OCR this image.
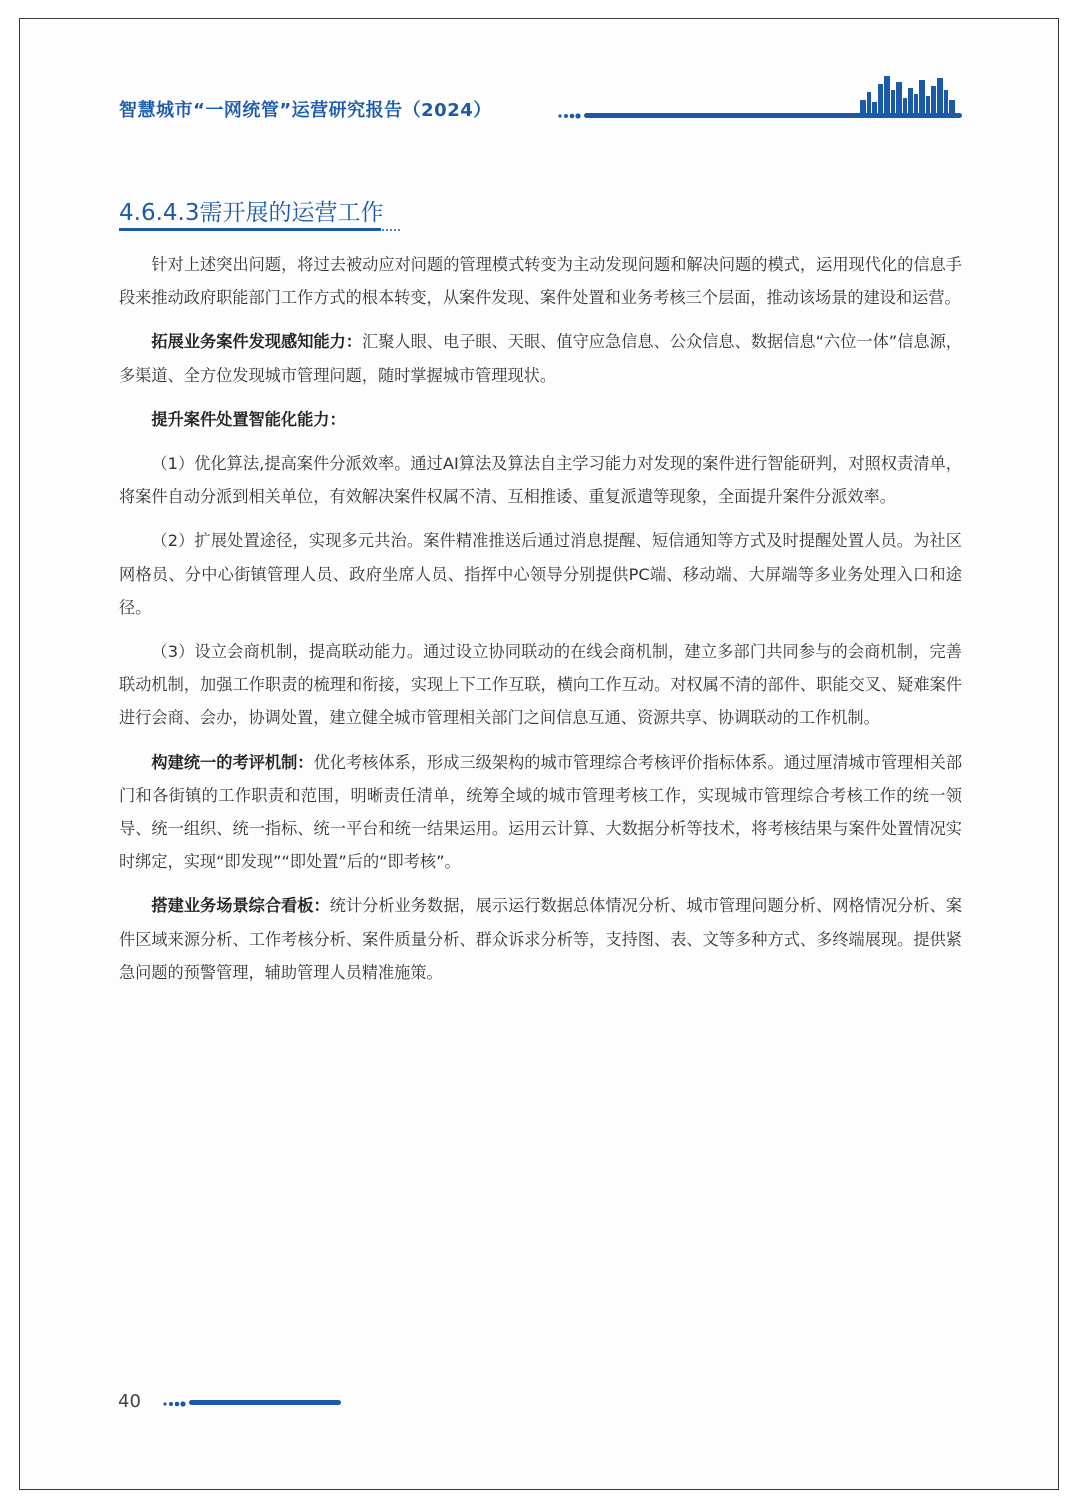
智慧城市“一网统管”运营研究报告（2024）
4.6.4.3需开展的运营工作

针对上述突出问题，将过去被动应对问题的管理模式转变为主动发现问题和解决问题的模式，运用现代化的信息手段来推动政府职能部门工作方式的根本转变，从案件发现、案件处置和业务考核三个层面，推动该场景的建设和运营。

拓展业务案件发现感知能力：汇聚人眼、电子眼、天眼、值守应急信息、公众信息、数据信息“六位一体”信息源，多渠道、全方位发现城市管理问题，随时掌握城市管理现状。

提升案件处置智能化能力：

（1）优化算法,提高案件分派效率。通过AI算法及算法自主学习能力对发现的案件进行智能研判，对照权责清单，将案件自动分派到相关单位，有效解决案件权属不清、互相推诿、重复派遣等现象，全面提升案件分派效率。

（2）扩展处置途径，实现多元共治。案件精准推送后通过消息提醒、短信通知等方式及时提醒处置人员。为社区网格员、分中心街镇管理人员、政府坐席人员、指挥中心领导分别提供PC端、移动端、大屏端等多业务处理入口和途径。

（3）设立会商机制，提高联动能力。通过设立协同联动的在线会商机制，建立多部门共同参与的会商机制，完善联动机制，加强工作职责的梳理和衔接，实现上下工作互联，横向工作互动。对权属不清的部件、职能交叉、疑难案件进行会商、会办，协调处置，建立健全城市管理相关部门之间信息互通、资源共享、协调联动的工作机制。

构建统一的考评机制：优化考核体系，形成三级架构的城市管理综合考核评价指标体系。通过厘清城市管理相关部门和各街镇的工作职责和范围，明晰责任清单，统筹全域的城市管理考核工作，实现城市管理综合考核工作的统一领导、统一组织、统一指标、统一平台和统一结果运用。运用云计算、大数据分析等技术，将考核结果与案件处置情况实时绑定，实现“即发现”“即处置”后的“即考核”。

搭建业务场景综合看板：统计分析业务数据，展示运行数据总体情况分析、城市管理问题分析、网格情况分析、案件区域来源分析、工作考核分析、案件质量分析、群众诉求分析等，支持图、表、文等多种方式、多终端展现。提供紧急问题的预警管理，辅助管理人员精准施策。

40
